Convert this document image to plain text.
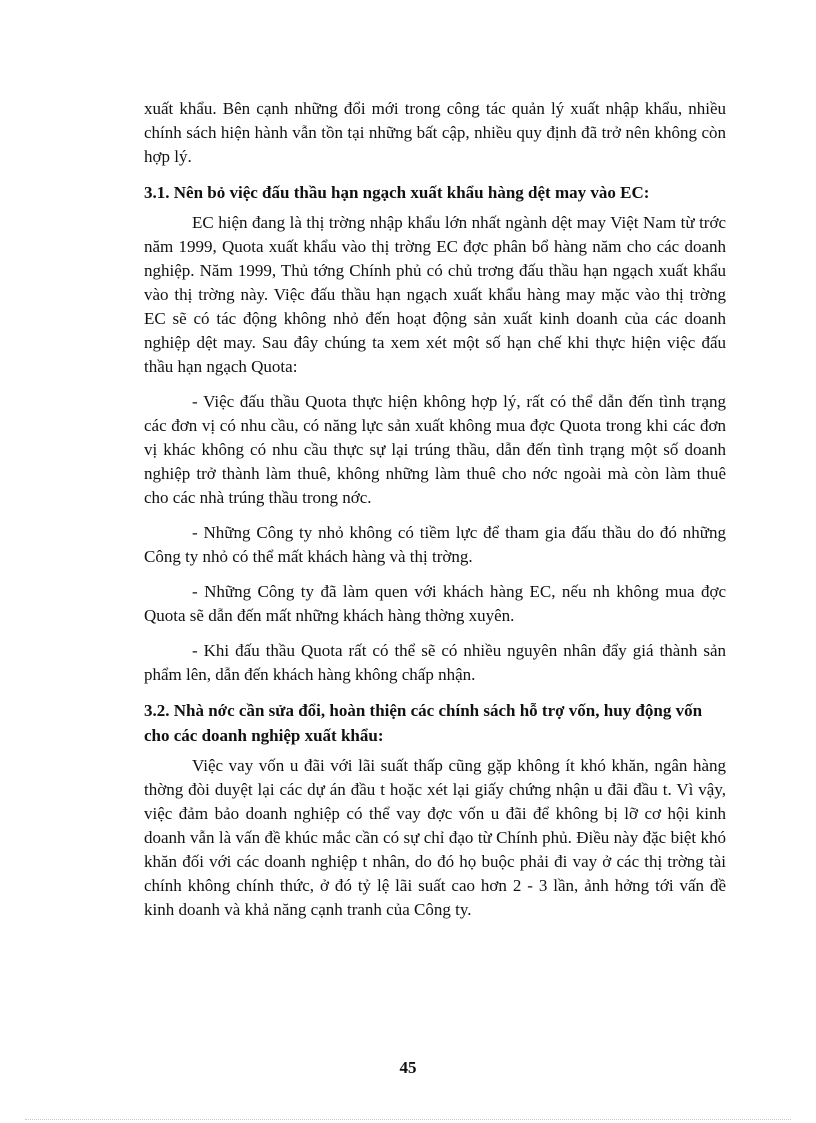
xuất khẩu. Bên cạnh những đổi mới trong công tác quản lý xuất nhập khẩu, nhiều chính sách hiện hành vẫn tồn tại những bất cập, nhiều quy định đã trở nên không còn hợp lý.

3.1. Nên bỏ việc đấu thầu hạn ngạch xuất khẩu hàng dệt may vào EC:

EC hiện đang là thị trờng nhập khẩu lớn nhất ngành dệt may Việt Nam từ trớc năm 1999, Quota xuất khẩu vào thị trờng EC đợc phân bổ hàng năm cho các doanh nghiệp. Năm 1999, Thủ tớng Chính phủ có chủ trơng đấu thầu hạn ngạch xuất khẩu vào thị trờng này. Việc đấu thầu hạn ngạch xuất khẩu hàng may mặc vào thị trờng EC sẽ có tác động không nhỏ đến hoạt động sản xuất kinh doanh của các doanh nghiệp dệt may. Sau đây chúng ta xem xét một số hạn chế khi thực hiện việc đấu thầu hạn ngạch Quota:

- Việc đấu thầu Quota thực hiện không hợp lý, rất có thể dẫn đến tình trạng các đơn vị có nhu cầu, có năng lực sản xuất không mua đợc Quota trong khi các đơn vị khác không có nhu cầu thực sự lại trúng thầu, dẫn đến tình trạng một số doanh nghiệp trở thành làm thuê, không những làm thuê cho nớc ngoài mà còn làm thuê cho các nhà trúng thầu trong nớc.

- Những Công ty nhỏ không có tiềm lực để tham gia đấu thầu do đó những Công ty nhỏ có thể mất khách hàng và thị trờng.

- Những Công ty đã làm quen với khách hàng EC, nếu nh không mua đợc Quota sẽ dẫn đến mất những khách hàng thờng xuyên.

- Khi đấu thầu Quota rất có thể sẽ có nhiều nguyên nhân đẩy giá thành sản phẩm lên, dẫn đến khách hàng không chấp nhận.

3.2. Nhà nớc cần sửa đổi, hoàn thiện các chính sách hỗ trợ vốn, huy động vốn cho các doanh nghiệp xuất khẩu:

Việc vay vốn u đãi với lãi suất thấp cũng gặp không ít khó khăn, ngân hàng thờng đòi duyệt lại các dự án đầu t hoặc xét lại giấy chứng nhận u đãi đầu t. Vì vậy, việc đảm bảo doanh nghiệp có thể vay đợc vốn u đãi để không bị lỡ cơ hội kinh doanh vẫn là vấn đề khúc mắc cần có sự chỉ đạo từ Chính phủ. Điều này đặc biệt khó khăn đối với các doanh nghiệp t nhân, do đó họ buộc phải đi vay ở các thị trờng tài chính không chính thức, ở đó tỷ lệ lãi suất cao hơn 2 - 3 lần, ảnh hởng tới vấn đề kinh doanh và khả năng cạnh tranh của Công ty.

45
